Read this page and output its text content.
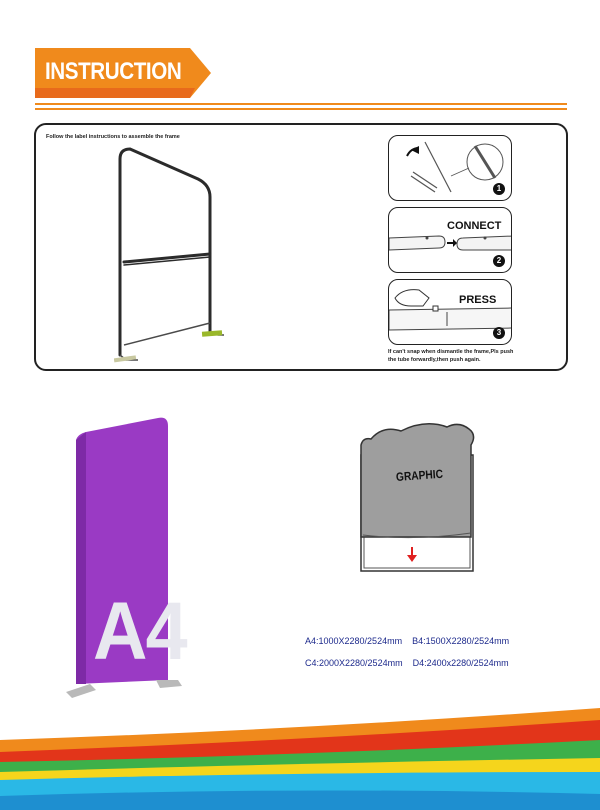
INSTRUCTION
Follow the label instructions to assemble the frame
1
CONNECT
2
PRESS
3
If can't snap when dismantle the frame,Pls push the tube forwardly,then push again.
A4
GRAPHIC
A4:1000X2280/2524mm B4:1500X2280/2524mm
C4:2000X2280/2524mm D4:2400x2280/2524mm
